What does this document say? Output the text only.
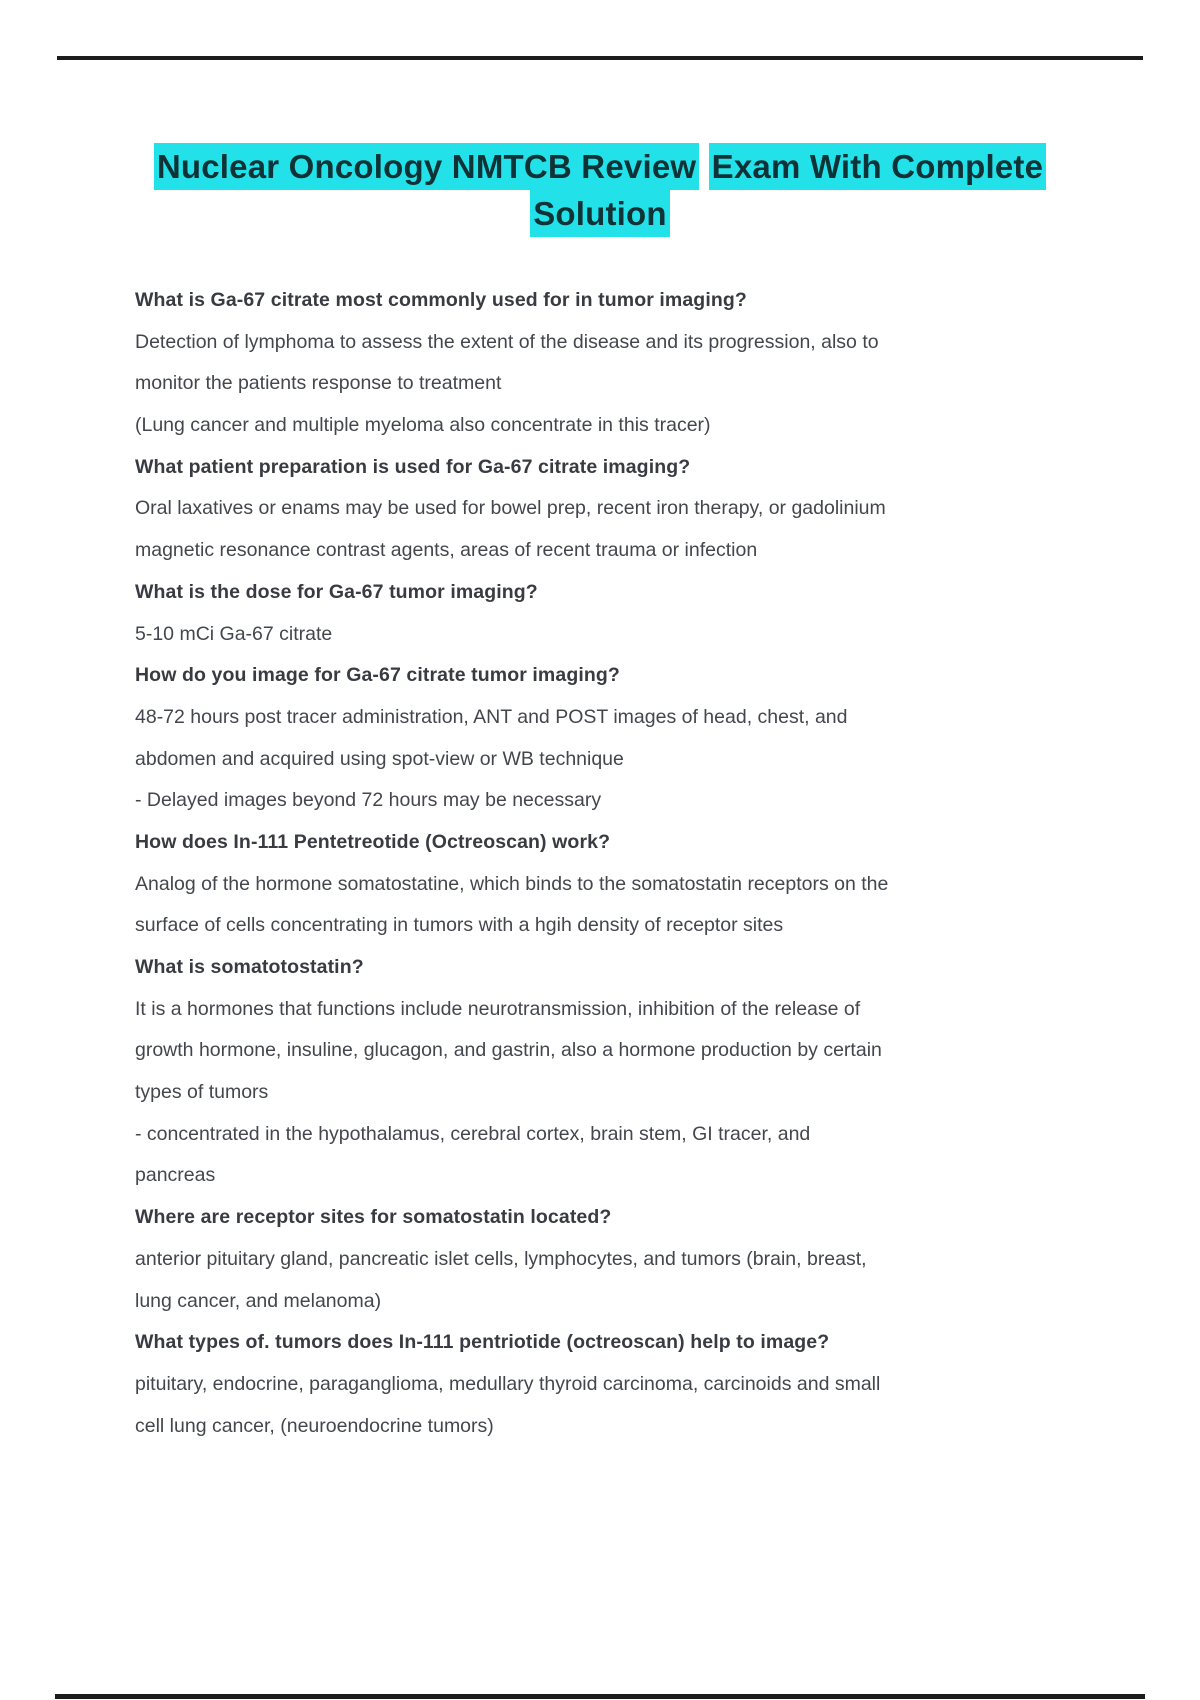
Nuclear Oncology NMTCB Review Exam With Complete
Solution
What is Ga-67 citrate most commonly used for in tumor imaging?
Detection of lymphoma to assess the extent of the disease and its progression, also to
monitor the patients response to treatment
(Lung cancer and multiple myeloma also concentrate in this tracer)
What patient preparation is used for Ga-67 citrate imaging?
Oral laxatives or enams may be used for bowel prep, recent iron therapy, or gadolinium
magnetic resonance contrast agents, areas of recent trauma or infection
What is the dose for Ga-67 tumor imaging?
5-10 mCi Ga-67 citrate
How do you image for Ga-67 citrate tumor imaging?
48-72 hours post tracer administration, ANT and POST images of head, chest, and
abdomen and acquired using spot-view or WB technique
- Delayed images beyond 72 hours may be necessary
How does In-111 Pentetreotide (Octreoscan) work?
Analog of the hormone somatostatine, which binds to the somatostatin receptors on the
surface of cells concentrating in tumors with a hgih density of receptor sites
What is somatotostatin?
It is a hormones that functions include neurotransmission, inhibition of the release of
growth hormone, insuline, glucagon, and gastrin, also a hormone production by certain
types of tumors
- concentrated in the hypothalamus, cerebral cortex, brain stem, GI tracer, and
pancreas
Where are receptor sites for somatostatin located?
anterior pituitary gland, pancreatic islet cells, lymphocytes, and tumors (brain, breast,
lung cancer, and melanoma)
What types of. tumors does In-111 pentriotide (octreoscan) help to image?
pituitary, endocrine, paraganglioma, medullary thyroid carcinoma, carcinoids and small
cell lung cancer, (neuroendocrine tumors)
